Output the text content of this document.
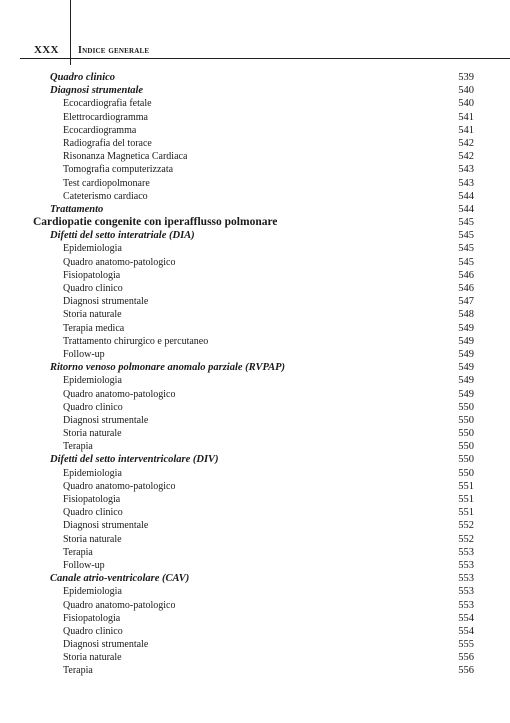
XXX Indice generale
Quadro clinico	539
Diagnosi strumentale	540
Ecocardiografia fetale	540
Elettrocardiogramma	541
Ecocardiogramma	541
Radiografia del torace	542
Risonanza Magnetica Cardiaca	542
Tomografia computerizzata	543
Test cardiopolmonare	543
Cateterismo cardiaco	544
Trattamento	544
Cardiopatie congenite con iperafflusso polmonare	545
Difetti del setto interatriale (DIA)	545
Epidemiologia	545
Quadro anatomo-patologico	545
Fisiopatologia	546
Quadro clinico	546
Diagnosi strumentale	547
Storia naturale	548
Terapia medica	549
Trattamento chirurgico e percutaneo	549
Follow-up	549
Ritorno venoso polmonare anomalo parziale (RVPAP)	549
Epidemiologia	549
Quadro anatomo-patologico	549
Quadro clinico	550
Diagnosi strumentale	550
Storia naturale	550
Terapia	550
Difetti del setto interventricolare (DIV)	550
Epidemiologia	550
Quadro anatomo-patologico	551
Fisiopatologia	551
Quadro clinico	551
Diagnosi strumentale	552
Storia naturale	552
Terapia	553
Follow-up	553
Canale atrio-ventricolare (CAV)	553
Epidemiologia	553
Quadro anatomo-patologico	553
Fisiopatologia	554
Quadro clinico	554
Diagnosi strumentale	555
Storia naturale	556
Terapia	556
